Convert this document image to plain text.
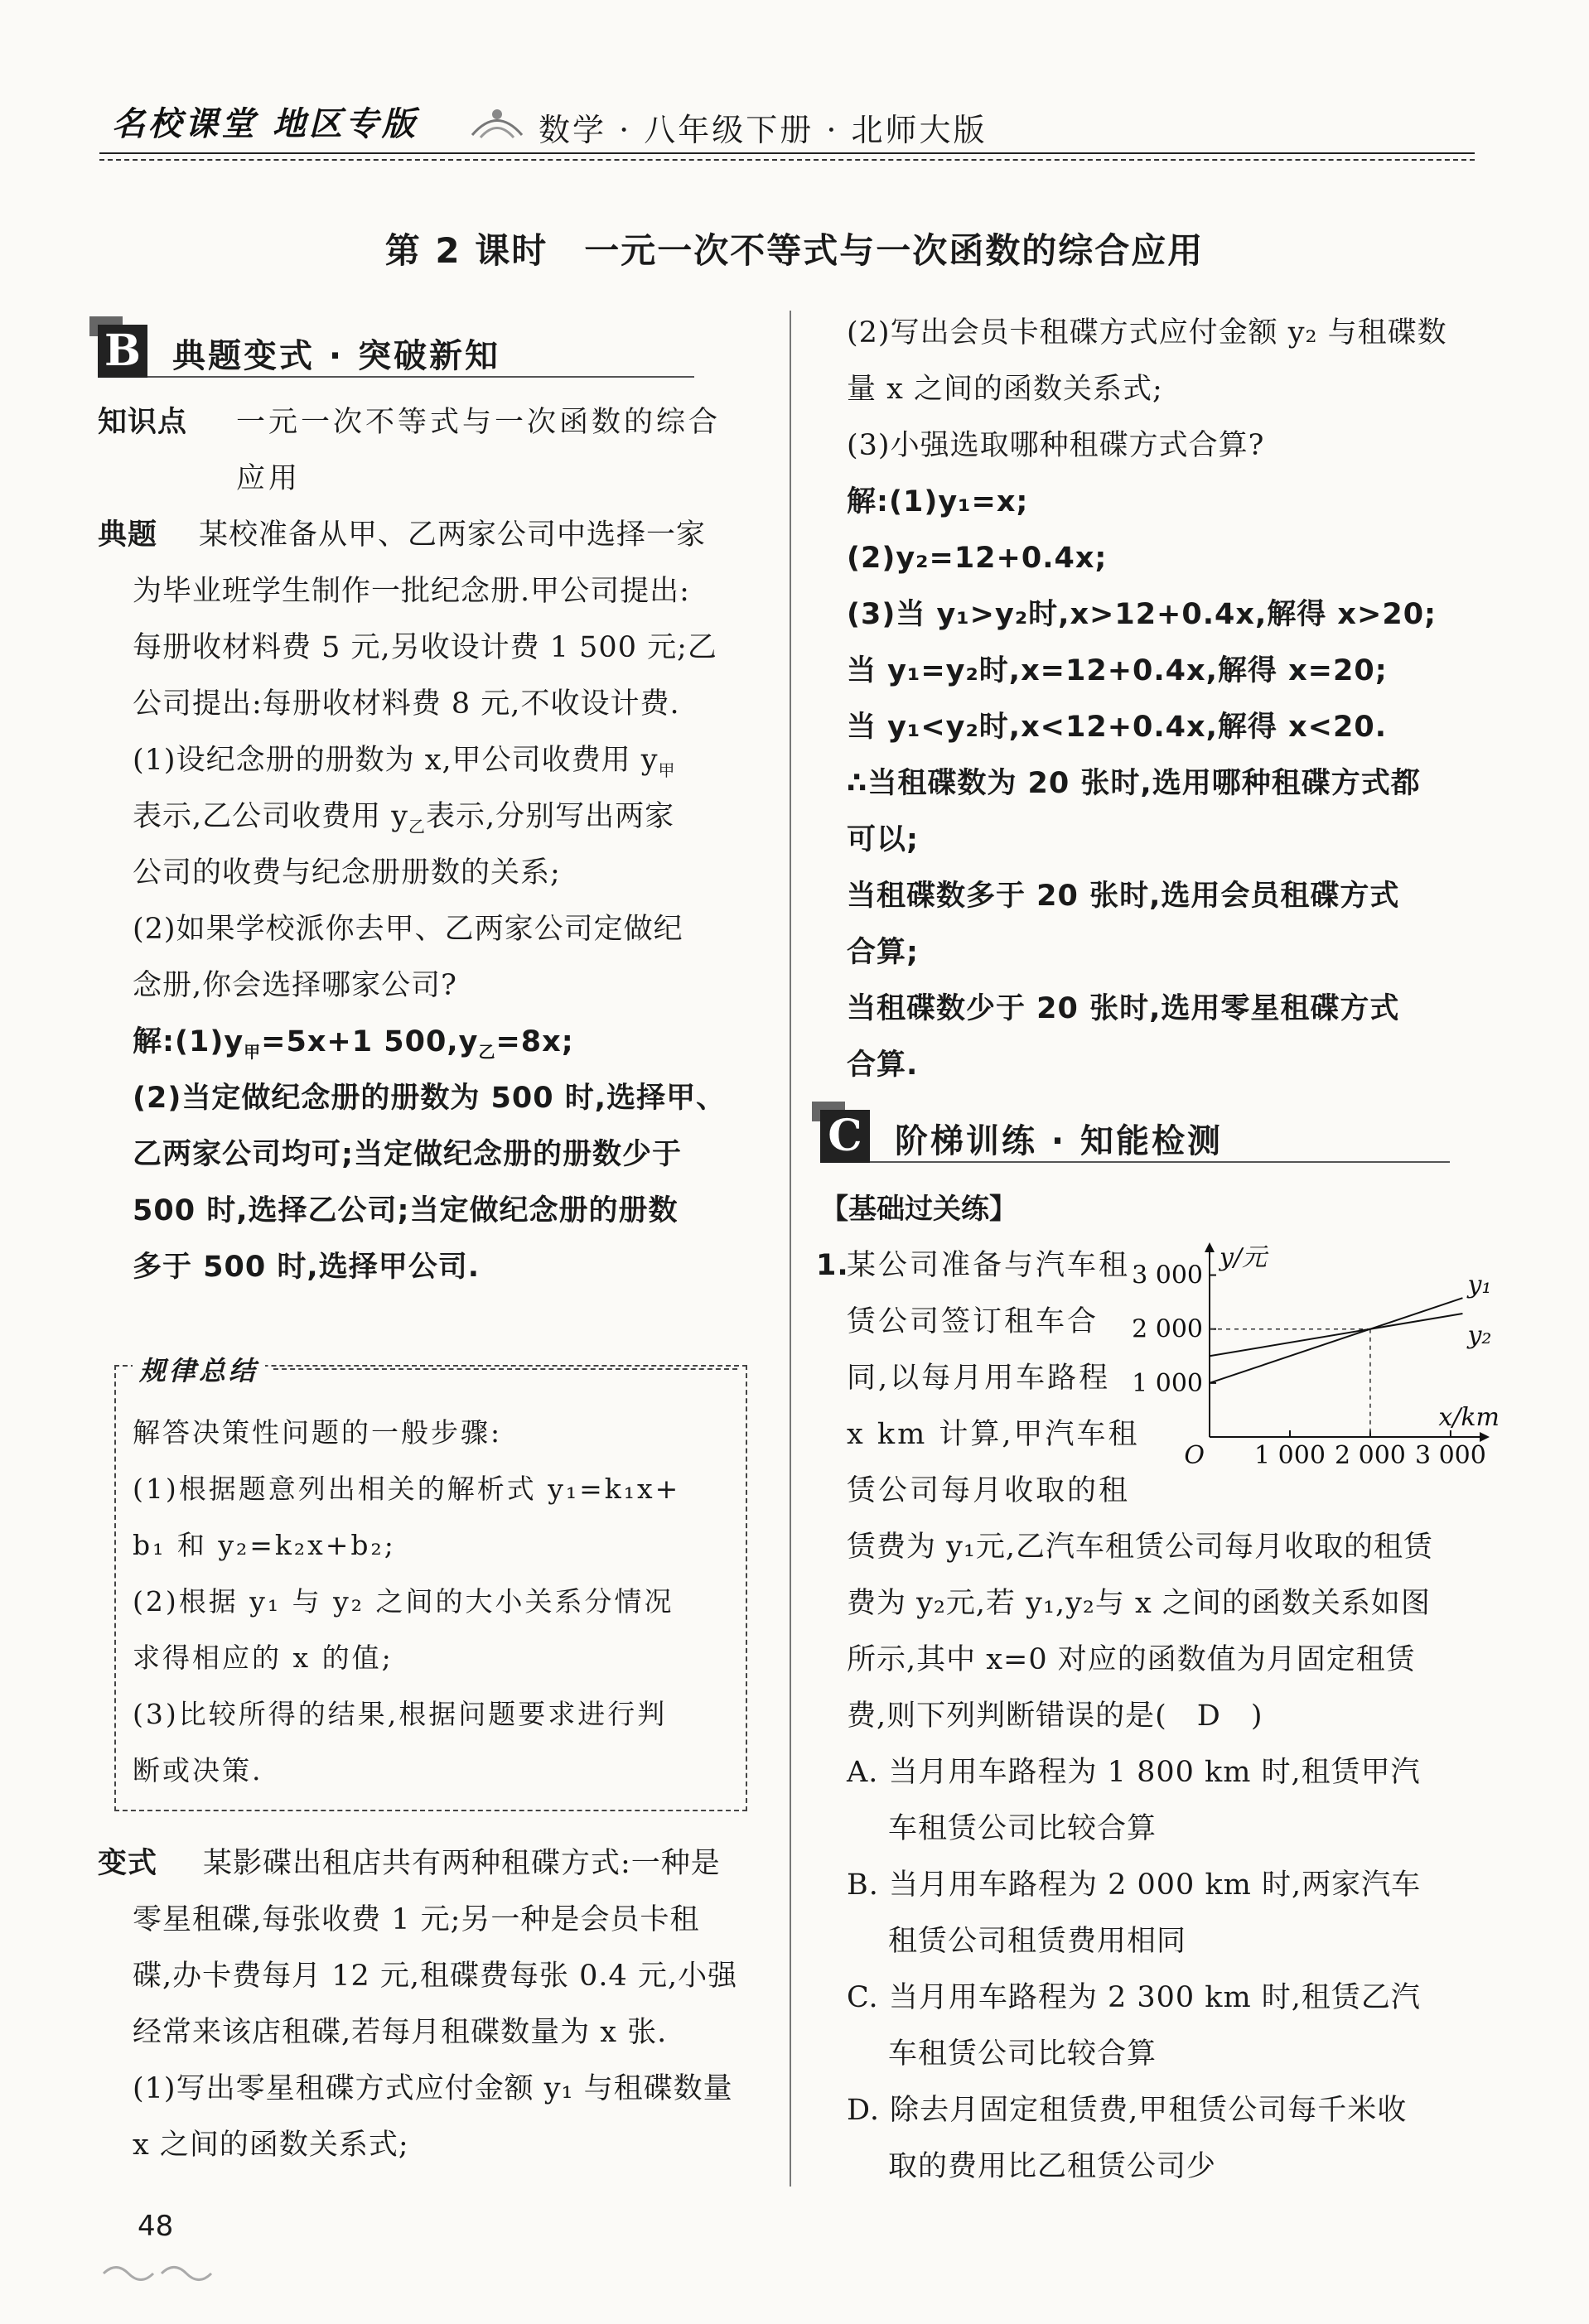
名校课堂 地区专版	数学 · 八年级下册 · 北师大版
第 2 课时　一元一次不等式与一次函数的综合应用
B 典题变式 · 突破新知
知识点 一元一次不等式与一次函数的综合
应用
典题 某校准备从甲、乙两家公司中选择一家
为毕业班学生制作一批纪念册.甲公司提出:
每册收材料费 5 元,另收设计费 1 500 元;乙
公司提出:每册收材料费 8 元,不收设计费.
(1)设纪念册的册数为 x,甲公司收费用 $y_甲$
表示,乙公司收费用 $y_乙$表示,分别写出两家
公司的收费与纪念册册数的关系;
(2)如果学校派你去甲、乙两家公司定做纪
念册,你会选择哪家公司?
解$:(1)y_甲=5x+1$ $500,y_乙=8x$;
(2)当定做纪念册的册数为 500 时,选择甲、
乙两家公司均可;当定做纪念册的册数少于
500 时,选择乙公司;当定做纪念册的册数
多于 500 时,选择甲公司.
规律总结
解答决策性问题的一般步骤:
(1)根据题意列出相关的解析式 y₁=k₁x+
b₁ 和 y₂=k₂x+b₂;
(2)根据 y₁ 与 y₂ 之间的大小关系分情况
求得相应的 x 的值;
(3)比较所得的结果,根据问题要求进行判
断或决策.
变式 某影碟出租店共有两种租碟方式:一种是
零星租碟,每张收费 1 元;另一种是会员卡租
碟,办卡费每月 12 元,租碟费每张 0.4 元,小强
经常来该店租碟,若每月租碟数量为 x 张.
(1)写出零星租碟方式应付金额 y₁ 与租碟数量
x 之间的函数关系式;
(2)写出会员卡租碟方式应付金额 y₂ 与租碟数
量 x 之间的函数关系式;
(3)小强选取哪种租碟方式合算?
解:(1)y₁=x;
(2)y₂=12+0.4x;
(3)当 y₁>y₂时,x>12+0.4x,解得 x>20;
当 y₁=y₂时,x=12+0.4x,解得 x=20;
当 y₁<y₂时,x<12+0.4x,解得 x<20.
∴当租碟数为 20 张时,选用哪种租碟方式都
可以;
当租碟数多于 20 张时,选用会员租碟方式
合算;
当租碟数少于 20 张时,选用零星租碟方式
合算.
C 阶梯训练 · 知能检测
【基础过关练】
1.
某公司准备与汽车租
赁公司签订租车合
同,以每月用车路程
x km 计算,甲汽车租
赁公司每月收取的租
赁费为 y₁元,乙汽车租赁公司每月收取的租赁
费为 y₂元,若 y₁,y₂与 x 之间的函数关系如图
所示,其中 x=0 对应的函数值为月固定租赁
费,则下列判断错误的是(　D　)
A. 当月用车路程为 1 800 km 时,租赁甲汽
车租赁公司比较合算
B. 当月用车路程为 2 000 km 时,两家汽车
租赁公司租赁费用相同
C. 当月用车路程为 2 300 km 时,租赁乙汽
车租赁公司比较合算
D. 除去月固定租赁费,甲租赁公司每千米收
取的费用比乙租赁公司少
1 000 2 000 3 000
1 000
2 000
3 000	y₁
y₂
x/km
y/元
O
48
